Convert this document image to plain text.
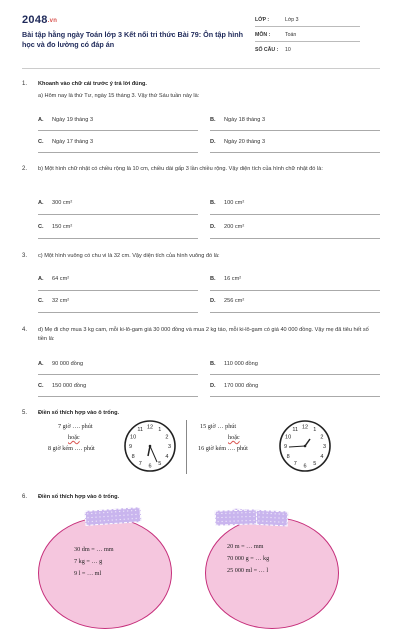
2048.vn
Bài tập hằng ngày Toán lớp 3 Kết nối tri thức Bài 79: Ôn tập hình học và đo lường có đáp án
LỚP :	Lớp 3
MÔN :	Toán
SỐ CÂU : 10
1. Khoanh vào chữ cái trước ý trả lời đúng.
a) Hôm nay là thứ Tư, ngày 15 tháng 3. Vậy thứ Sáu tuần này là:
A. Ngày 19 tháng 3	B. Ngày 18 tháng 3
C. Ngày 17 tháng 3	D. Ngày 20 tháng 3
2. b) Một hình chữ nhật có chiều rộng là 10 cm, chiều dài gấp 3 lần chiều rộng. Vậy diện tích của hình chữ nhật đó là:
A. 300 cm²	B. 100 cm²
C. 150 cm²	D. 200 cm²
3. c) Một hình vuông có chu vi là 32 cm. Vậy diện tích của hình vuông đó là:
A. 64 cm²	B. 16 cm²
C. 32 cm²	D. 256 cm²
4. d) Mẹ đi chợ mua 3 kg cam, mỗi ki-lô-gam giá 30 000 đồng và mua 2 kg táo, mỗi ki-lô-gam có giá 40 000 đồng. Vậy mẹ đã tiêu hết số tiền là:
A. 90 000 đồng	B. 110 000 đồng
C. 150 000 đồng	D. 170 000 đồng
5. Điền số thích hợp vào ô trống.
7 giờ …. phút
hoặc
8 giờ kém …. phút
12 1
2
3
4
5
6
7
8
9
10
11
15 giờ … phút
hoặc
16 giờ kém …. phút
12 1
2
3
4
5
6
7
8
9
10
11
6. Điền số thích hợp vào ô trống.
30 dm = … mm
7 kg = … g
9 l = … ml
20 m = … mm
70 000 g = … kg
25 000 ml = … l
